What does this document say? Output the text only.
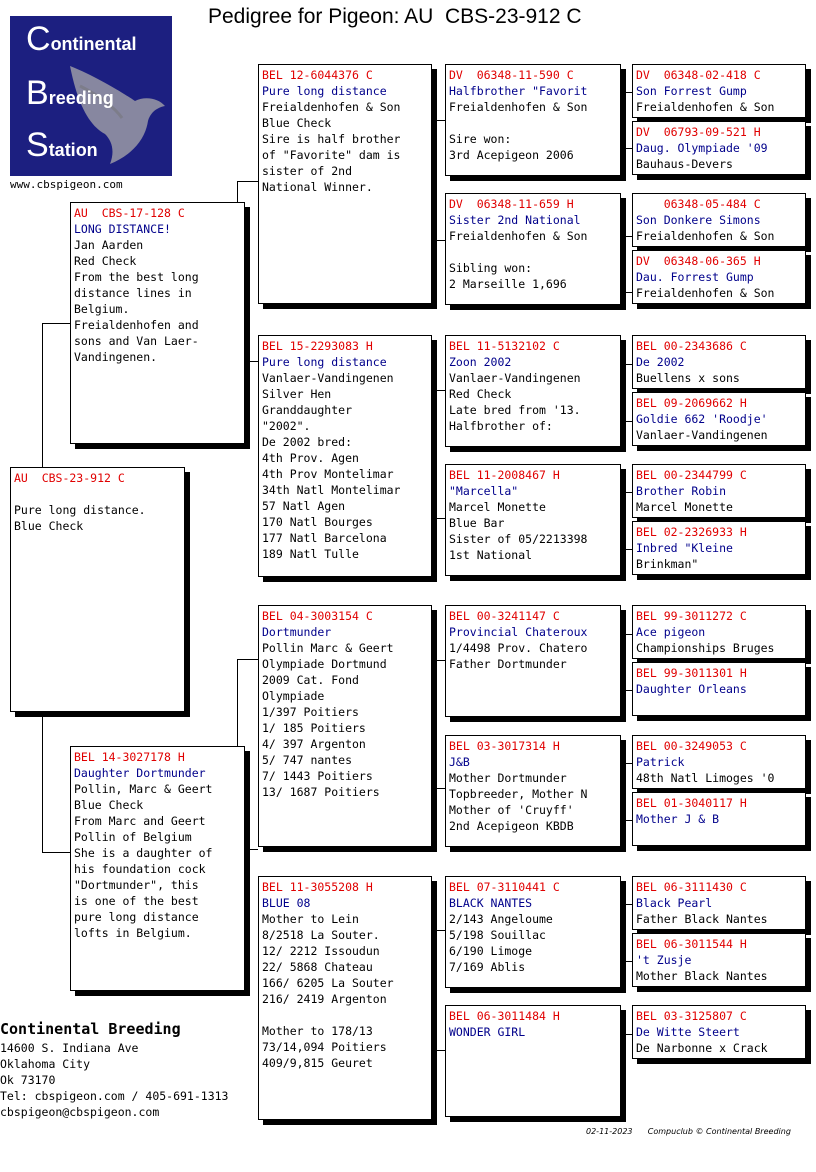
Pedigree for Pigeon: AU  CBS-23-912 C
Continental
Breeding
Station
www.cbspigeon.com
AU  CBS-23-912 C
Pure long distance.
Blue Check
AU  CBS-17-128 C
LONG DISTANCE!
Jan Aarden
Red Check
From the best long
distance lines in
Belgium.
Freialdenhofen and
sons and Van Laer-
Vandingenen.
BEL 14-3027178 H
Daughter Dortmunder
Pollin, Marc & Geert
Blue Check
From Marc and Geert
Pollin of Belgium
She is a daughter of
his foundation cock
"Dortmunder", this
is one of the best
pure long distance
lofts in Belgium.
BEL 12-6044376 C
Pure long distance
Freialdenhofen & Son
Blue Check
Sire is half brother
of "Favorite" dam is
sister of 2nd
National Winner.
BEL 15-2293083 H
Pure long distance
Vanlaer-Vandingenen
Silver Hen
Granddaughter
"2002".
De 2002 bred:
4th Prov. Agen
4th Prov Montelimar
34th Natl Montelimar
57 Natl Agen
170 Natl Bourges
177 Natl Barcelona
189 Natl Tulle
BEL 04-3003154 C
Dortmunder
Pollin Marc & Geert
Olympiade Dortmund
2009 Cat. Fond
Olympiade
1/397 Poitiers
1/ 185 Poitiers
4/ 397 Argenton
5/ 747 nantes
7/ 1443 Poitiers
13/ 1687 Poitiers
BEL 11-3055208 H
BLUE 08
Mother to Lein
8/2518 La Souter.
12/ 2212 Issoudun
22/ 5868 Chateau
166/ 6205 La Souter
216/ 2419 Argenton
Mother to 178/13
73/14,094 Poitiers
409/9,815 Geuret
DV  06348-11-590 C
Halfbrother "Favorit
Freialdenhofen & Son
Sire won:
3rd Acepigeon 2006
DV  06348-11-659 H
Sister 2nd National
Freialdenhofen & Son
Sibling won:
2 Marseille 1,696
BEL 11-5132102 C
Zoon 2002
Vanlaer-Vandingenen
Red Check
Late bred from '13.
Halfbrother of:
BEL 11-2008467 H
"Marcella"
Marcel Monette
Blue Bar
Sister of 05/2213398
1st National
BEL 00-3241147 C
Provincial Chateroux
1/4498 Prov. Chatero
Father Dortmunder
BEL 03-3017314 H
J&B
Mother Dortmunder
Topbreeder, Mother N
Mother of 'Cruyff'
2nd Acepigeon KBDB
BEL 07-3110441 C
BLACK NANTES
2/143 Angeloume
5/198 Souillac
6/190 Limoge
7/169 Ablis
BEL 06-3011484 H
WONDER GIRL
DV  06348-02-418 C
Son Forrest Gump
Freialdenhofen & Son
DV  06793-09-521 H
Daug. Olympiade '09
Bauhaus-Devers
06348-05-484 C
Son Donkere Simons
Freialdenhofen & Son
DV  06348-06-365 H
Dau. Forrest Gump
Freialdenhofen & Son
BEL 00-2343686 C
De 2002
Buellens x sons
BEL 09-2069662 H
Goldie 662 'Roodje'
Vanlaer-Vandingenen
BEL 00-2344799 C
Brother Robin
Marcel Monette
BEL 02-2326933 H
Inbred "Kleine
Brinkman"
BEL 99-3011272 C
Ace pigeon
Championships Bruges
BEL 99-3011301 H
Daughter Orleans
BEL 00-3249053 C
Patrick
48th Natl Limoges '0
BEL 01-3040117 H
Mother J & B
BEL 06-3111430 C
Black Pearl
Father Black Nantes
BEL 06-3011544 H
't Zusje
Mother Black Nantes
BEL 03-3125807 C
De Witte Steert
De Narbonne x Crack
Continental Breeding
14600 S. Indiana Ave
Oklahoma City
Ok 73170
Tel: cbspigeon.com / 405-691-1313
cbspigeon@cbspigeon.com
02-11-2023 Compuclub © Continental Breeding
